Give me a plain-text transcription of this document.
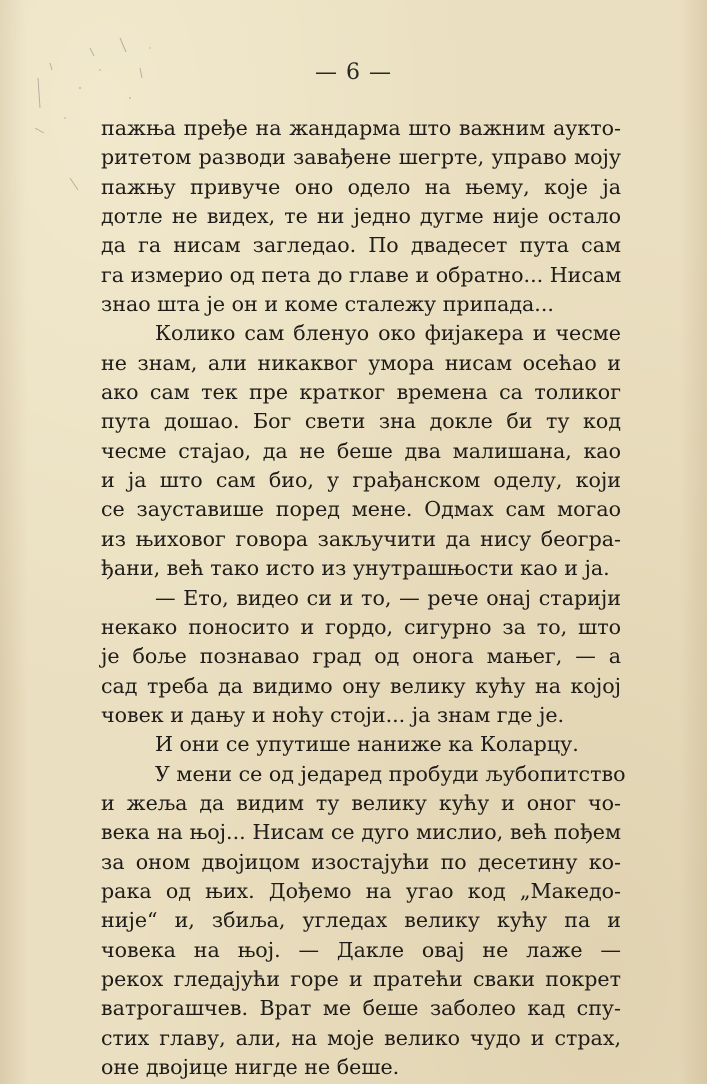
— 6 —
пажња пређе на жандарма што важним аукто-
ритетом разводи завађене шегрте, управо моју
пажњу привуче оно одело на њему, које ја
дотле не видех, те ни једно дугме није остало
да га нисам загледао. По двадесет пута сам
га измерио од пета до главе и обратно... Нисам
знао шта је он и коме сталежу припада...
Колико сам бленуо око фијакера и чесме
не знам, али никаквог умора нисам осећао и
ако сам тек пре кратког времена са толиког
пута дошао. Бог свети зна докле би ту код
чесме стајао, да не беше два малишана, као
и ја што сам био, у грађанском оделу, који
се зауставише поред мене. Одмах сам могао
из њиховог говора закључити да нису београ-
ђани, већ тако исто из унутрашњости као и ја.
— Ето, видео си и то, — рече онај старији
некако поносито и гордо, сигурно за то, што
је боље познавао град од онога мањег, — а
сад треба да видимо ону велику кућу на којој
човек и дању и ноћу стоји... ја знам где је.
И они се упутише наниже ка Коларцу.
У мени се од једаред пробуди љубопитство
и жеља да видим ту велику кућу и оног чо-
века на њој... Нисам се дуго мислио, већ пођем
за оном двојицом изостајући по десетину ко-
рака од њих. Дођемо на угао код „Македо-
није“ и, збиља, угледах велику кућу па и
човека на њој. — Дакле овај не лаже —
рекох гледајући горе и пратећи сваки покрет
ватрогашчев. Врат ме беше заболео кад спу-
стих главу, али, на моје велико чудо и страх,
оне двојице нигде не беше.
